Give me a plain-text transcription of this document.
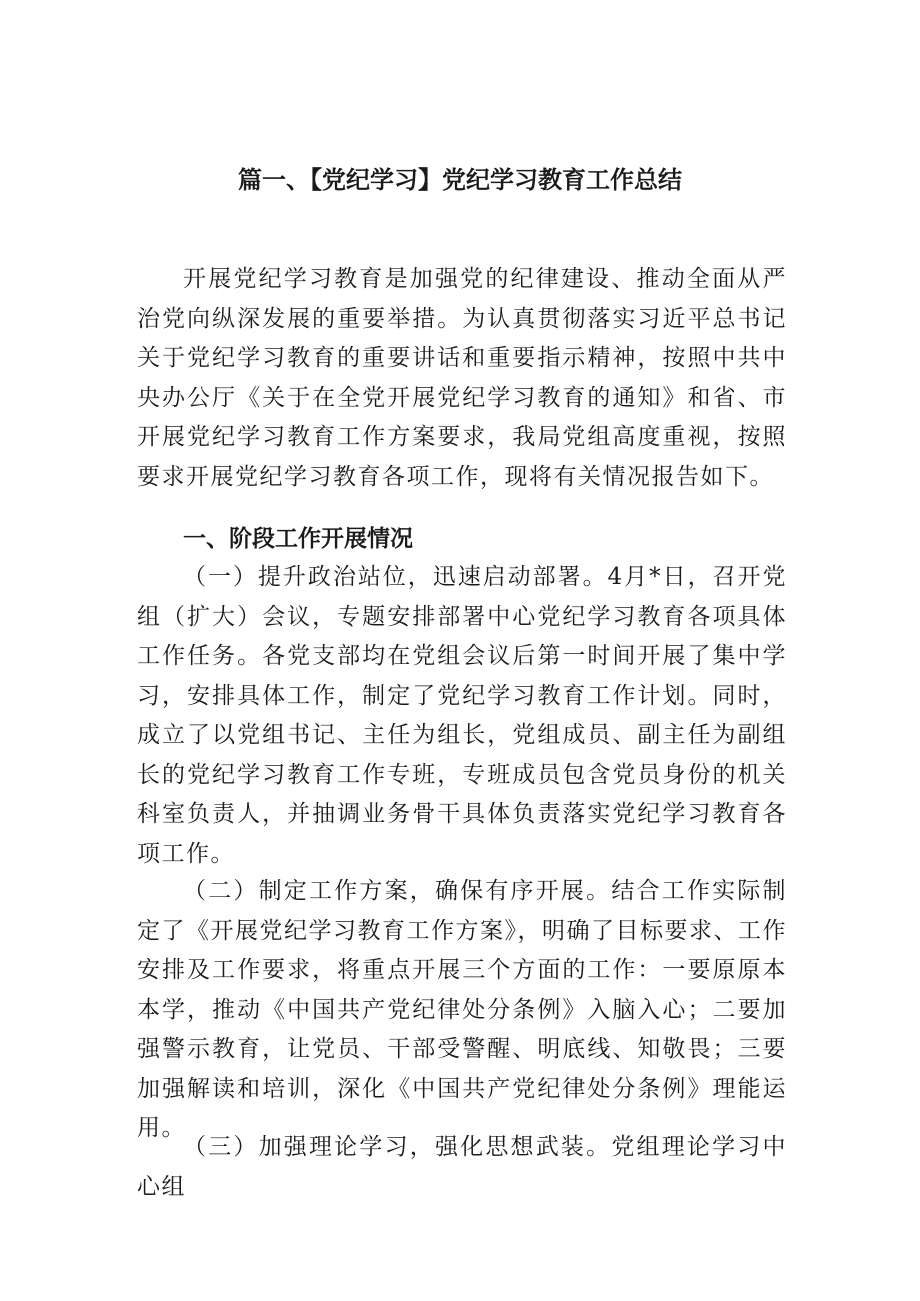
篇一、【党纪学习】党纪学习教育工作总结

开展党纪学习教育是加强党的纪律建设、推动全面从严治党向纵深发展的重要举措。为认真贯彻落实习近平总书记关于党纪学习教育的重要讲话和重要指示精神，按照中共中央办公厅《关于在全党开展党纪学习教育的通知》和省、市开展党纪学习教育工作方案要求，我局党组高度重视，按照要求开展党纪学习教育各项工作，现将有关情况报告如下。

一、阶段工作开展情况

（一）提升政治站位，迅速启动部署。4月*日，召开党组（扩大）会议，专题安排部署中心党纪学习教育各项具体工作任务。各党支部均在党组会议后第一时间开展了集中学习，安排具体工作，制定了党纪学习教育工作计划。同时，成立了以党组书记、主任为组长，党组成员、副主任为副组长的党纪学习教育工作专班，专班成员包含党员身份的机关科室负责人，并抽调业务骨干具体负责落实党纪学习教育各项工作。

（二）制定工作方案，确保有序开展。结合工作实际制定了《开展党纪学习教育工作方案》，明确了目标要求、工作安排及工作要求，将重点开展三个方面的工作：一要原原本本学，推动《中国共产党纪律处分条例》入脑入心；二要加强警示教育，让党员、干部受警醒、明底线、知敬畏；三要加强解读和培训，深化《中国共产党纪律处分条例》理能运用。

（三）加强理论学习，强化思想武装。党组理论学习中心组
